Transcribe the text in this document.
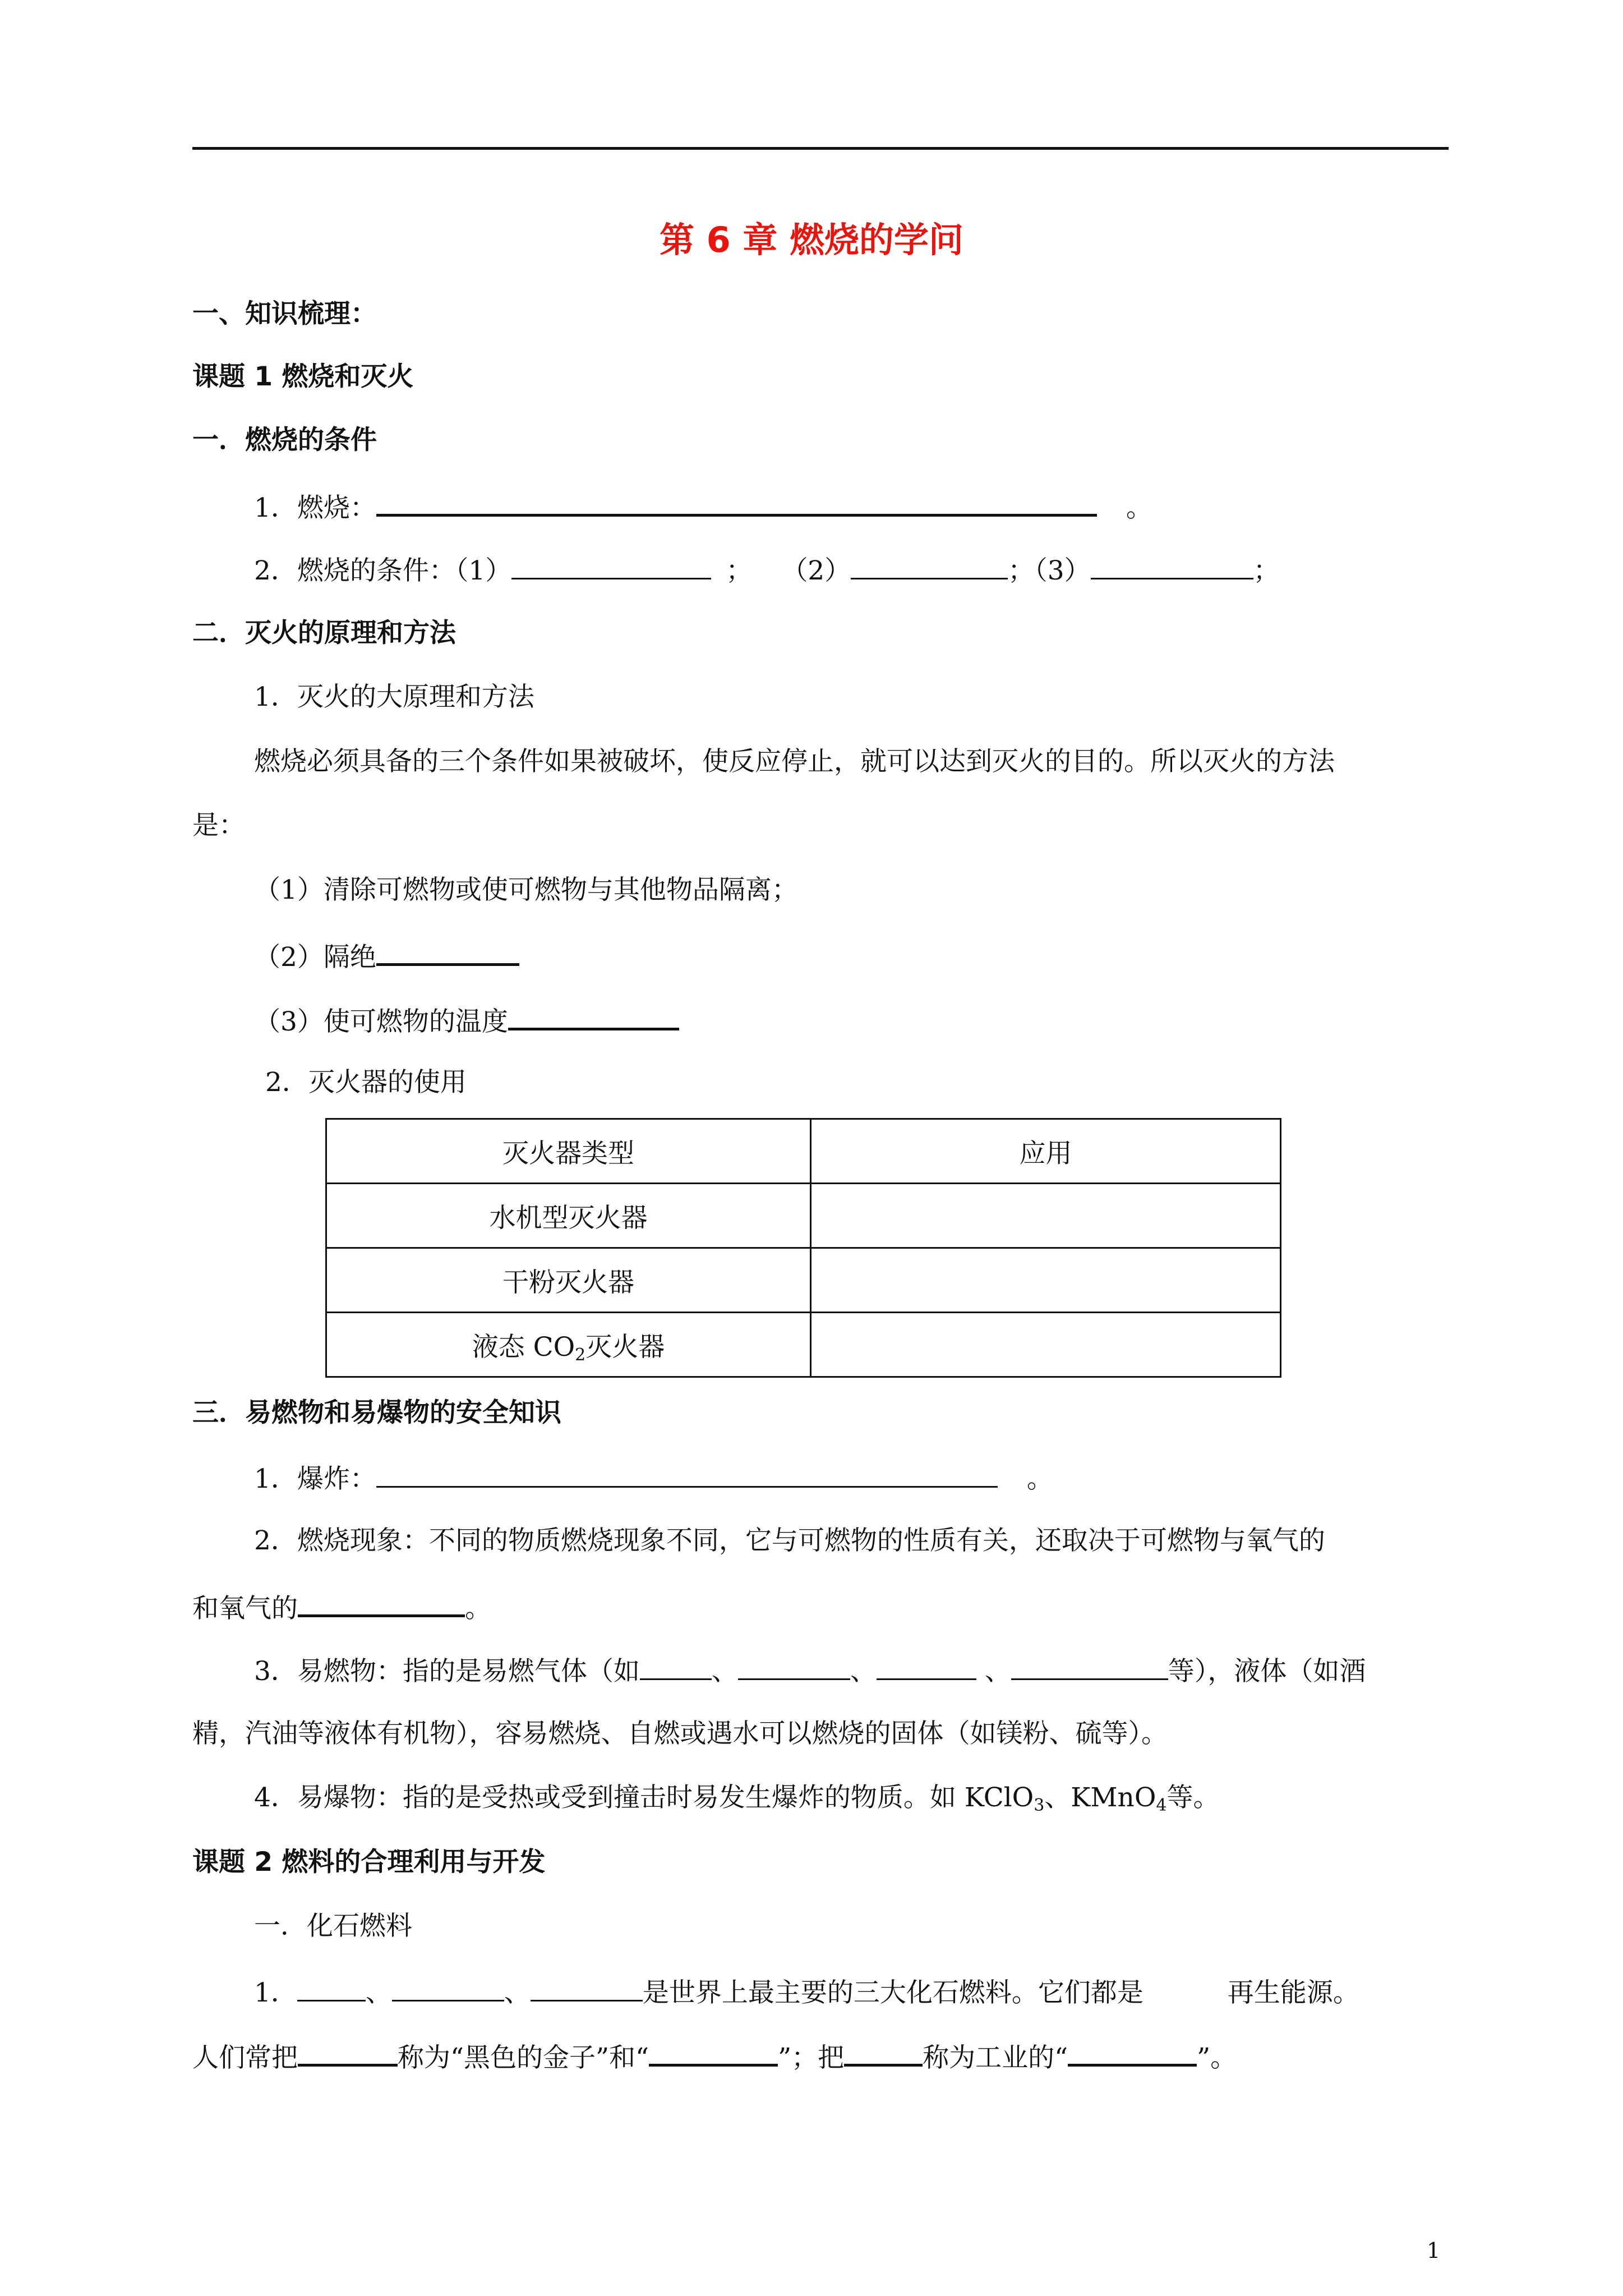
第 6 章 燃烧的学问
一、知识梳理：
课题 1 燃烧和灭火
一．燃烧的条件
1．燃烧：	。
2．燃烧的条件：（1）	； （2）	；（3）	；
二．灭火的原理和方法
1．灭火的大原理和方法
燃烧必须具备的三个条件如果被破坏，使反应停止，就可以达到灭火的目的。所以灭火的方法
是：
（1）清除可燃物或使可燃物与其他物品隔离；
（2）隔绝
（3）使可燃物的温度
2．灭火器的使用
灭火器类型	应用
水机型灭火器	
干粉灭火器	
液态 $CO_2$灭火器	
三．易燃物和易爆物的安全知识
1．爆炸：	。
2．燃烧现象：不同的物质燃烧现象不同，它与可燃物的性质有关，还取决于可燃物与氧气的
和氧气的	。
3．易燃物：指的是易燃气体（如	、	、	、	等），液体（如酒
精，汽油等液体有机物），容易燃烧、自燃或遇水可以燃烧的固体（如镁粉、硫等）。
4．易爆物：指的是受热或受到撞击时易发生爆炸的物质。如 KClO$_3$、KMnO$_4$等。
课题 2 燃料的合理利用与开发
一．化石燃料
1．	、	、	是世界上最主要的三大化石燃料。它们都是	再生能源。
人们常把	称为“黑色的金子”和“	”；把	称为工业的“	”。
1
